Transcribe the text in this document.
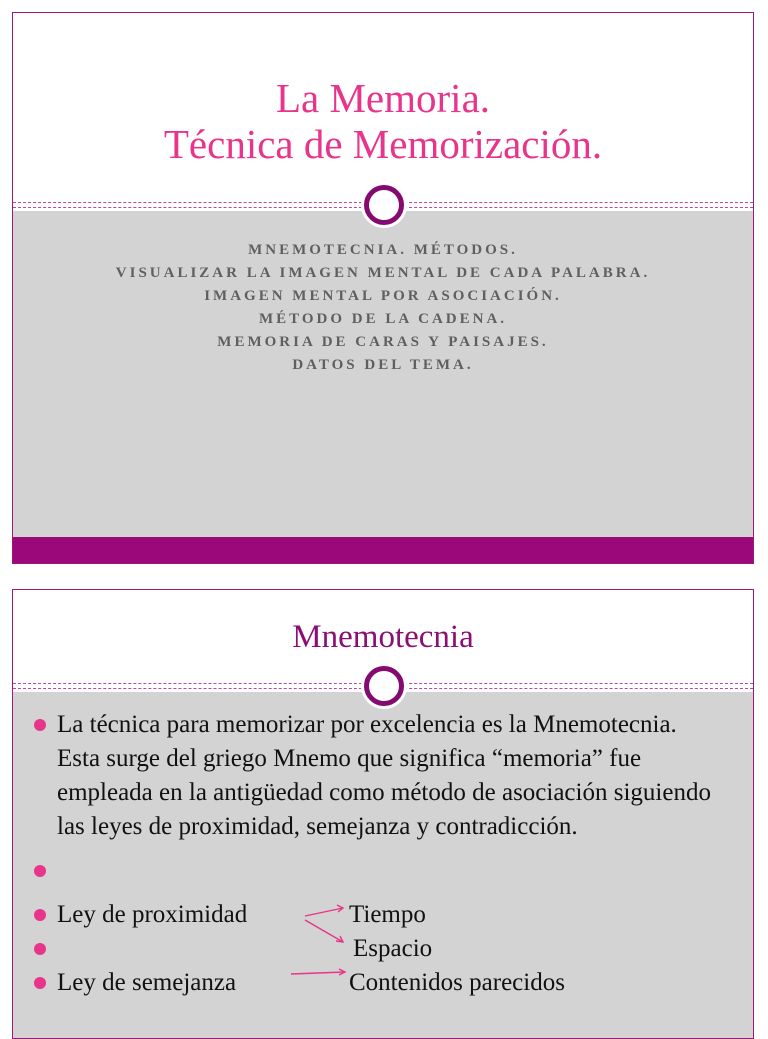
La Memoria.
Técnica de Memorización.
MNEMOTECNIA. MÉTODOS.
VISUALIZAR LA IMAGEN MENTAL DE CADA PALABRA.
IMAGEN MENTAL POR ASOCIACIÓN.
MÉTODO DE LA CADENA.
MEMORIA DE CARAS Y PAISAJES.
DATOS DEL TEMA.
Mnemotecnia
La técnica para memorizar por excelencia es la Mnemotecnia. Esta surge del griego Mnemo que significa “memoria” fue empleada en la antigüedad como método de asociación siguiendo las leyes de proximidad, semejanza y contradicción.
Ley de proximidad	Tiempo
Espacio

Ley de semejanza	Contenidos parecidos
